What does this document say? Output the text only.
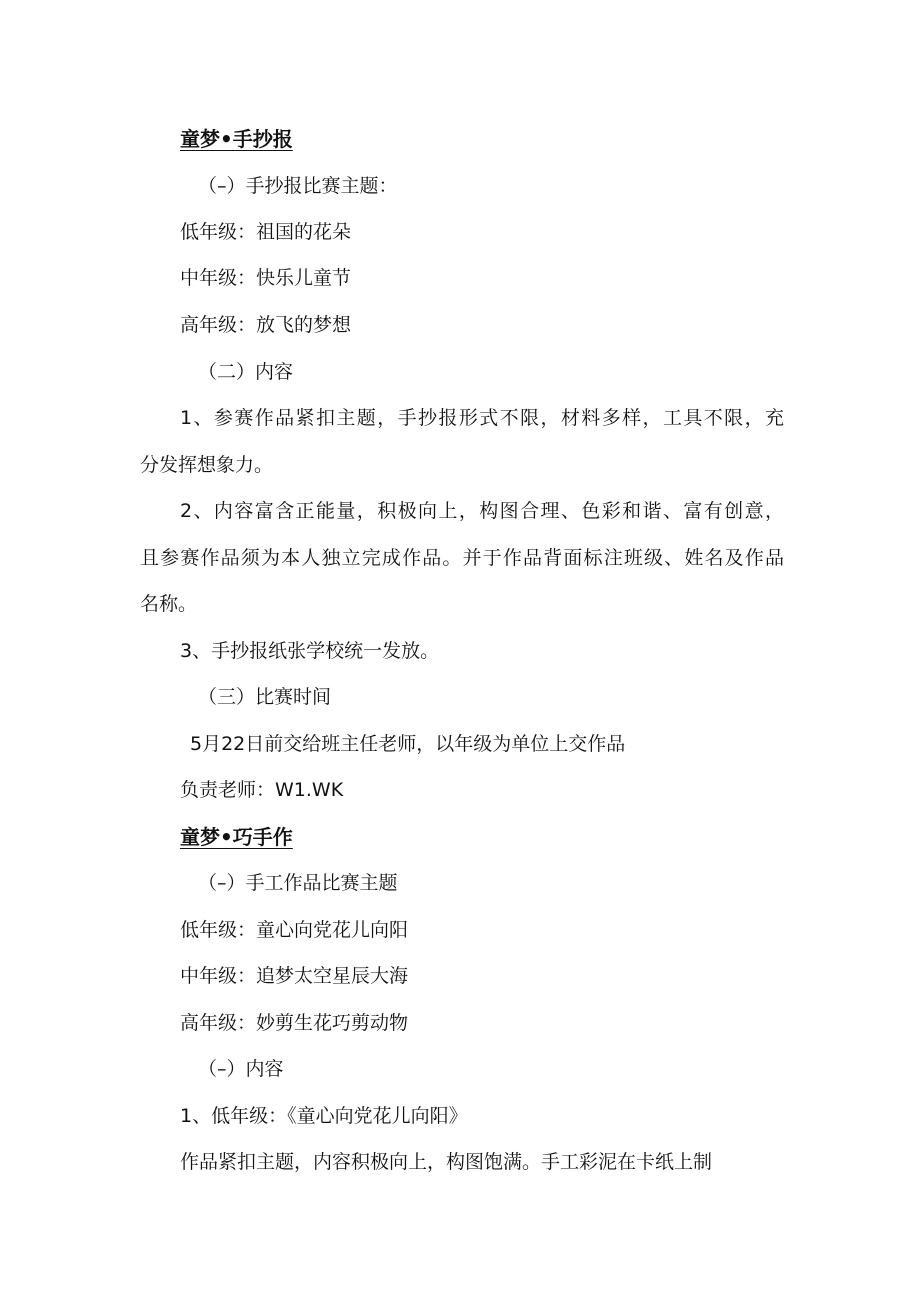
童梦•手抄报
（–）手抄报比赛主题：
低年级：祖国的花朵
中年级：快乐儿童节
高年级：放飞的梦想
（二）内容
1、参赛作品紧扣主题，手抄报形式不限，材料多样，工具不限，充
分发挥想象力。
2、内容富含正能量，积极向上，构图合理、色彩和谐、富有创意，
且参赛作品须为本人独立完成作品。并于作品背面标注班级、姓名及作品
名称。
3、手抄报纸张学校统一发放。
（三）比赛时间
5月22日前交给班主任老师，以年级为单位上交作品
负责老师：W1.WK
童梦•巧手作
（–）手工作品比赛主题
低年级：童心向党花儿向阳
中年级：追梦太空星辰大海
高年级：妙剪生花巧剪动物
（–）内容
1、低年级：《童心向党花儿向阳》
作品紧扣主题，内容积极向上，构图饱满。手工彩泥在卡纸上制
